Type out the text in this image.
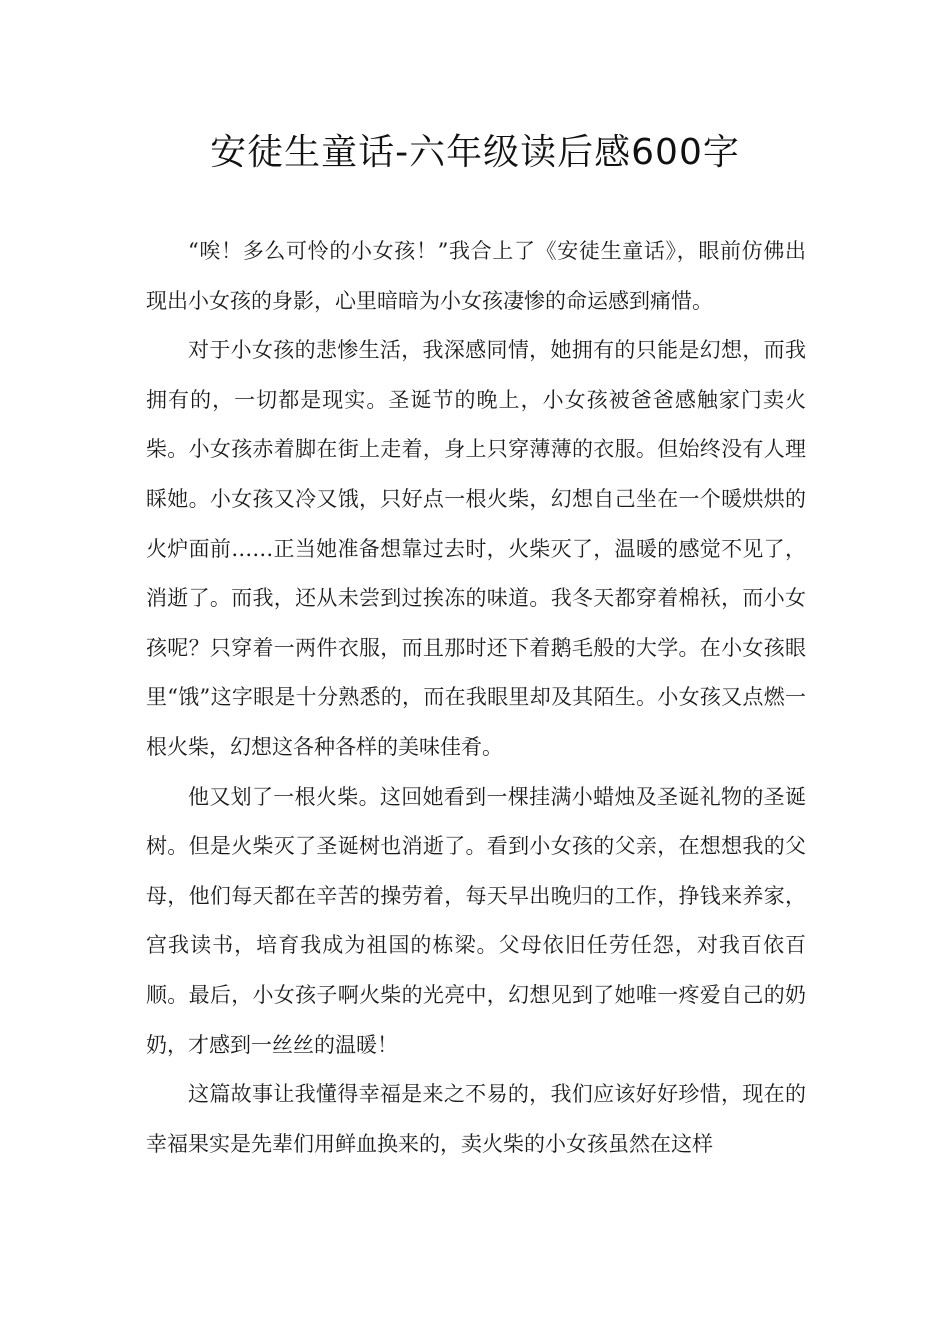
安徒生童话-六年级读后感600字

“唉！多么可怜的小女孩！”我合上了《安徒生童话》，眼前仿佛出现出小女孩的身影，心里暗暗为小女孩凄惨的命运感到痛惜。

对于小女孩的悲惨生活，我深感同情，她拥有的只能是幻想，而我拥有的，一切都是现实。圣诞节的晚上，小女孩被爸爸感触家门卖火柴。小女孩赤着脚在街上走着，身上只穿薄薄的衣服。但始终没有人理睬她。小女孩又冷又饿，只好点一根火柴，幻想自己坐在一个暖烘烘的火炉面前……正当她准备想靠过去时，火柴灭了，温暖的感觉不见了，消逝了。而我，还从未尝到过挨冻的味道。我冬天都穿着棉袄，而小女孩呢？只穿着一两件衣服，而且那时还下着鹅毛般的大学。在小女孩眼里“饿”这字眼是十分熟悉的，而在我眼里却及其陌生。小女孩又点燃一根火柴，幻想这各种各样的美味佳肴。

他又划了一根火柴。这回她看到一棵挂满小蜡烛及圣诞礼物的圣诞树。但是火柴灭了圣诞树也消逝了。看到小女孩的父亲，在想想我的父母，他们每天都在辛苦的操劳着，每天早出晚归的工作，挣钱来养家，宫我读书，培育我成为祖国的栋梁。父母依旧任劳任怨，对我百依百顺。最后，小女孩子啊火柴的光亮中，幻想见到了她唯一疼爱自己的奶奶，才感到一丝丝的温暖！

这篇故事让我懂得幸福是来之不易的，我们应该好好珍惜，现在的幸福果实是先辈们用鲜血换来的，卖火柴的小女孩虽然在这样
